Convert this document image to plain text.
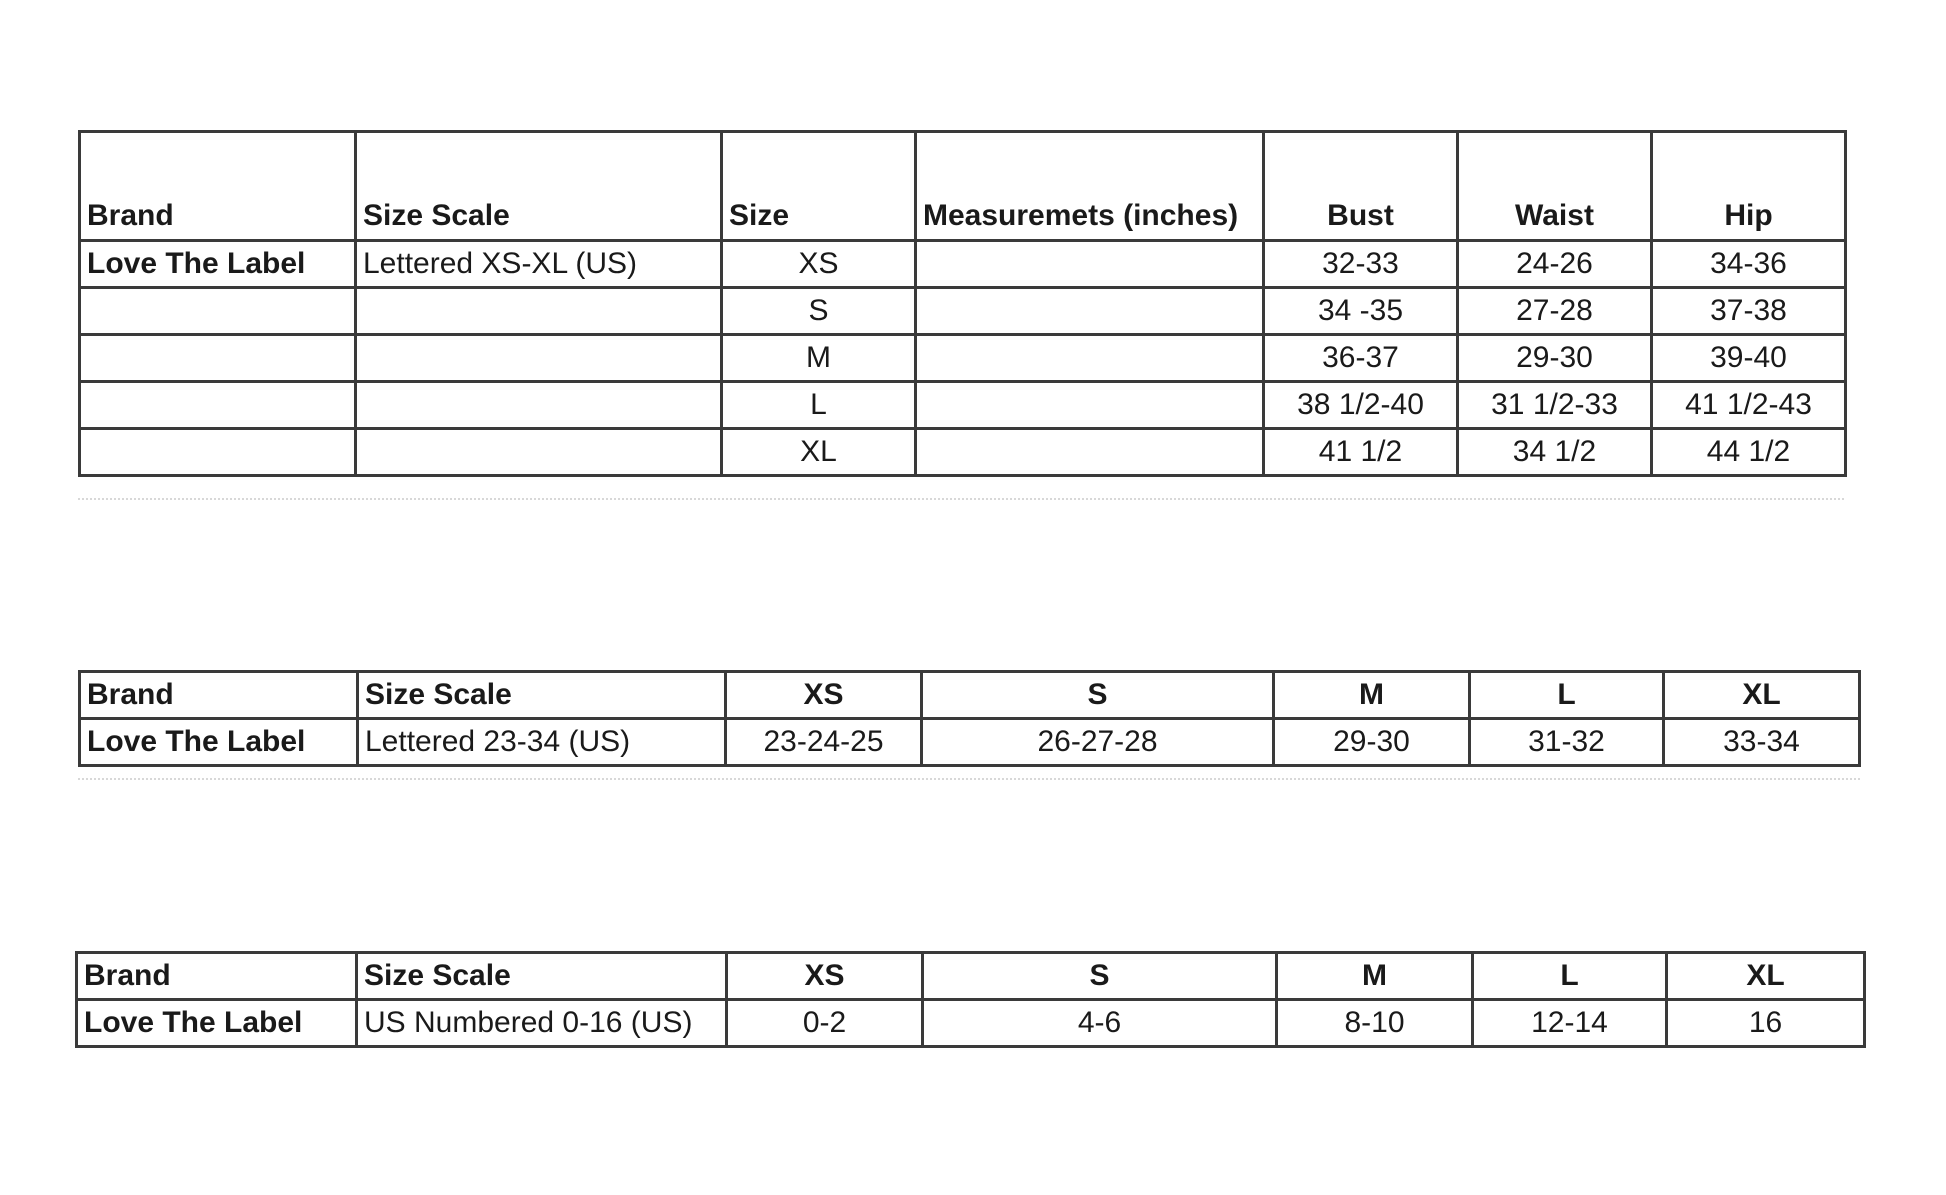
Brand	Size Scale	Size	Measuremets (inches)	Bust	Waist	Hip
Love The Label	Lettered XS-XL (US)	XS		32-33	24-26	34-36
		S		34 -35	27-28	37-38
		M		36-37	29-30	39-40
		L		38 1/2-40	31 1/2-33	41 1/2-43
		XL		41 1/2	34 1/2	44 1/2
Brand	Size Scale	XS	S	M	L	XL
Love The Label	Lettered 23-34 (US)	23-24-25	26-27-28	29-30	31-32	33-34
Brand	Size Scale	XS	S	M	L	XL
Love The Label	US Numbered 0-16 (US)	0-2	4-6	8-10	12-14	16
